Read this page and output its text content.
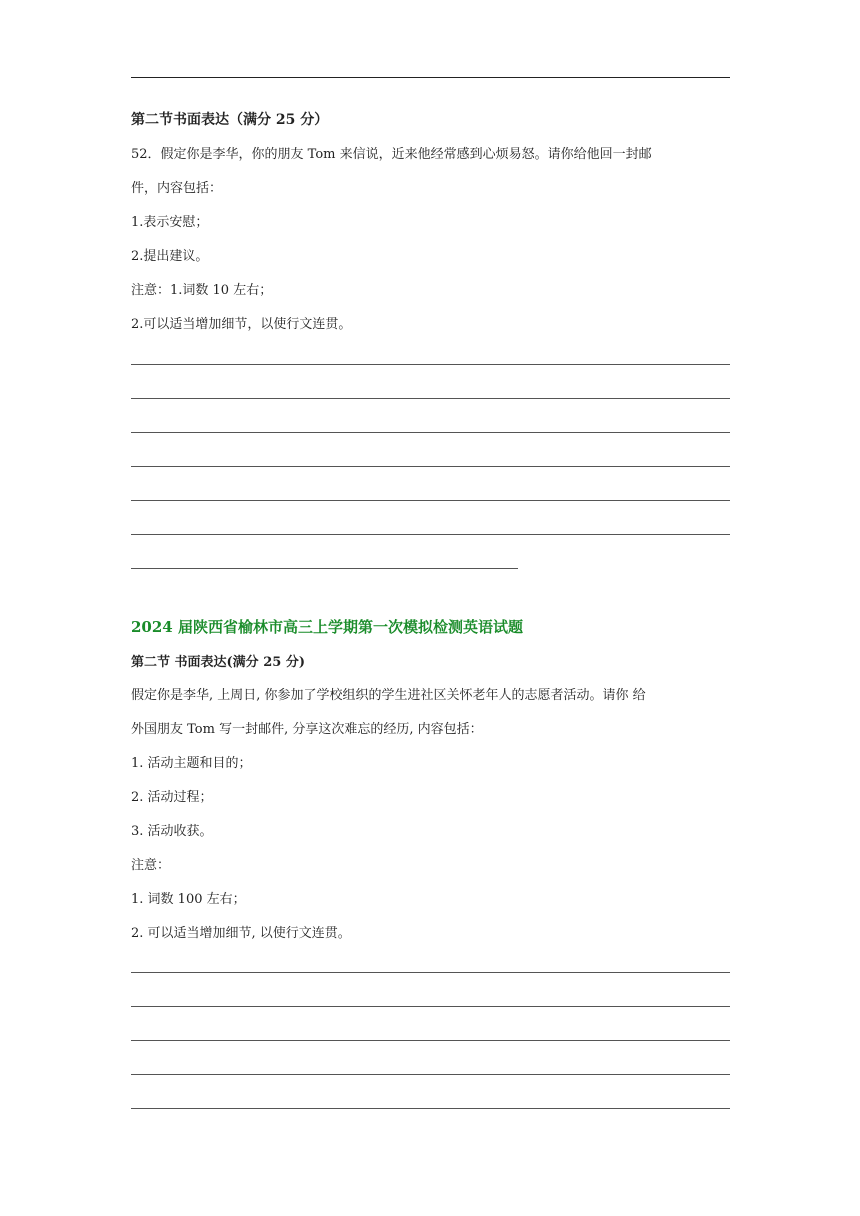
第二节书面表达（满分 25 分）
52．假定你是李华，你的朋友 Tom 来信说，近来他经常感到心烦易怒。请你给他回一封邮
件，内容包括：
1.表示安慰；
2.提出建议。
注意：1.词数 10 左右；
2.可以适当增加细节，以使行文连贯。
2024 届陕西省榆林市高三上学期第一次模拟检测英语试题
第二节 书面表达(满分 25 分)
假定你是李华, 上周日, 你参加了学校组织的学生进社区关怀老年人的志愿者活动。请你 给
外国朋友 Tom 写一封邮件, 分享这次难忘的经历, 内容包括：
1. 活动主题和目的；
2. 活动过程；
3. 活动收获。
注意：
1. 词数 100 左右；
2. 可以适当增加细节, 以使行文连贯。
